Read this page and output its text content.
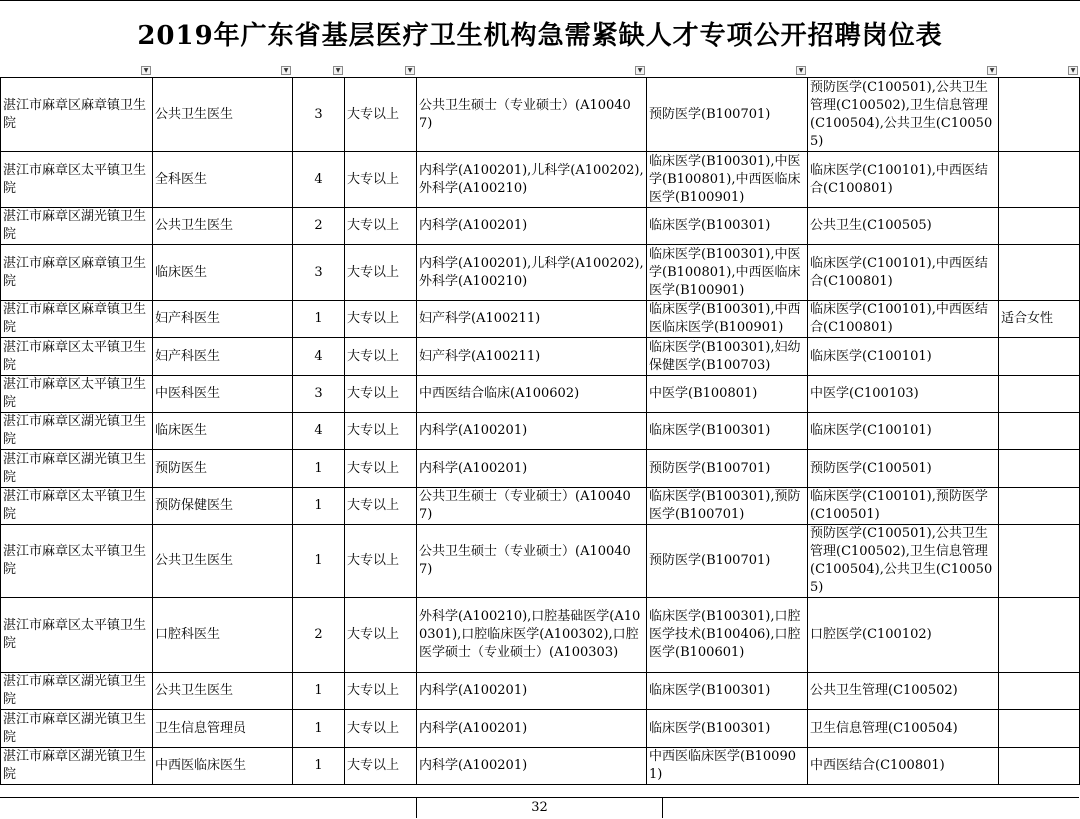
2019年广东省基层医疗卫生机构急需紧缺人才专项公开招聘岗位表
▼	▼	▼	▼	▼	▼	▼	▼
湛江市麻章区麻章镇卫生院	公共卫生医生	3	大专以上	公共卫生硕士（专业硕士）(A100407)	预防医学(B100701)	预防医学(C100501),公共卫生管理(C100502),卫生信息管理(C100504),公共卫生(C100505)	
湛江市麻章区太平镇卫生院	全科医生	4	大专以上	内科学(A100201),儿科学(A100202),外科学(A100210)	临床医学(B100301),中医学(B100801),中西医临床医学(B100901)	临床医学(C100101),中西医结合(C100801)	
湛江市麻章区湖光镇卫生院	公共卫生医生	2	大专以上	内科学(A100201)	临床医学(B100301)	公共卫生(C100505)	
湛江市麻章区麻章镇卫生院	临床医生	3	大专以上	内科学(A100201),儿科学(A100202),外科学(A100210)	临床医学(B100301),中医学(B100801),中西医临床医学(B100901)	临床医学(C100101),中西医结合(C100801)	
湛江市麻章区麻章镇卫生院	妇产科医生	1	大专以上	妇产科学(A100211)	临床医学(B100301),中西医临床医学(B100901)	临床医学(C100101),中西医结合(C100801)	适合女性
湛江市麻章区太平镇卫生院	妇产科医生	4	大专以上	妇产科学(A100211)	临床医学(B100301),妇幼保健医学(B100703)	临床医学(C100101)	
湛江市麻章区太平镇卫生院	中医科医生	3	大专以上	中西医结合临床(A100602)	中医学(B100801)	中医学(C100103)	
湛江市麻章区湖光镇卫生院	临床医生	4	大专以上	内科学(A100201)	临床医学(B100301)	临床医学(C100101)	
湛江市麻章区湖光镇卫生院	预防医生	1	大专以上	内科学(A100201)	预防医学(B100701)	预防医学(C100501)	
湛江市麻章区太平镇卫生院	预防保健医生	1	大专以上	公共卫生硕士（专业硕士）(A100407)	临床医学(B100301),预防医学(B100701)	临床医学(C100101),预防医学(C100501)	
湛江市麻章区太平镇卫生院	公共卫生医生	1	大专以上	公共卫生硕士（专业硕士）(A100407)	预防医学(B100701)	预防医学(C100501),公共卫生管理(C100502),卫生信息管理(C100504),公共卫生(C100505)	
湛江市麻章区太平镇卫生院	口腔科医生	2	大专以上	外科学(A100210),口腔基础医学(A100301),口腔临床医学(A100302),口腔医学硕士（专业硕士）(A100303)	临床医学(B100301),口腔医学技术(B100406),口腔医学(B100601)	口腔医学(C100102)	
湛江市麻章区湖光镇卫生院	公共卫生医生	1	大专以上	内科学(A100201)	临床医学(B100301)	公共卫生管理(C100502)	
湛江市麻章区湖光镇卫生院	卫生信息管理员	1	大专以上	内科学(A100201)	临床医学(B100301)	卫生信息管理(C100504)	
湛江市麻章区湖光镇卫生院	中西医临床医生	1	大专以上	内科学(A100201)	中西医临床医学(B100901)	中西医结合(C100801)	
32
